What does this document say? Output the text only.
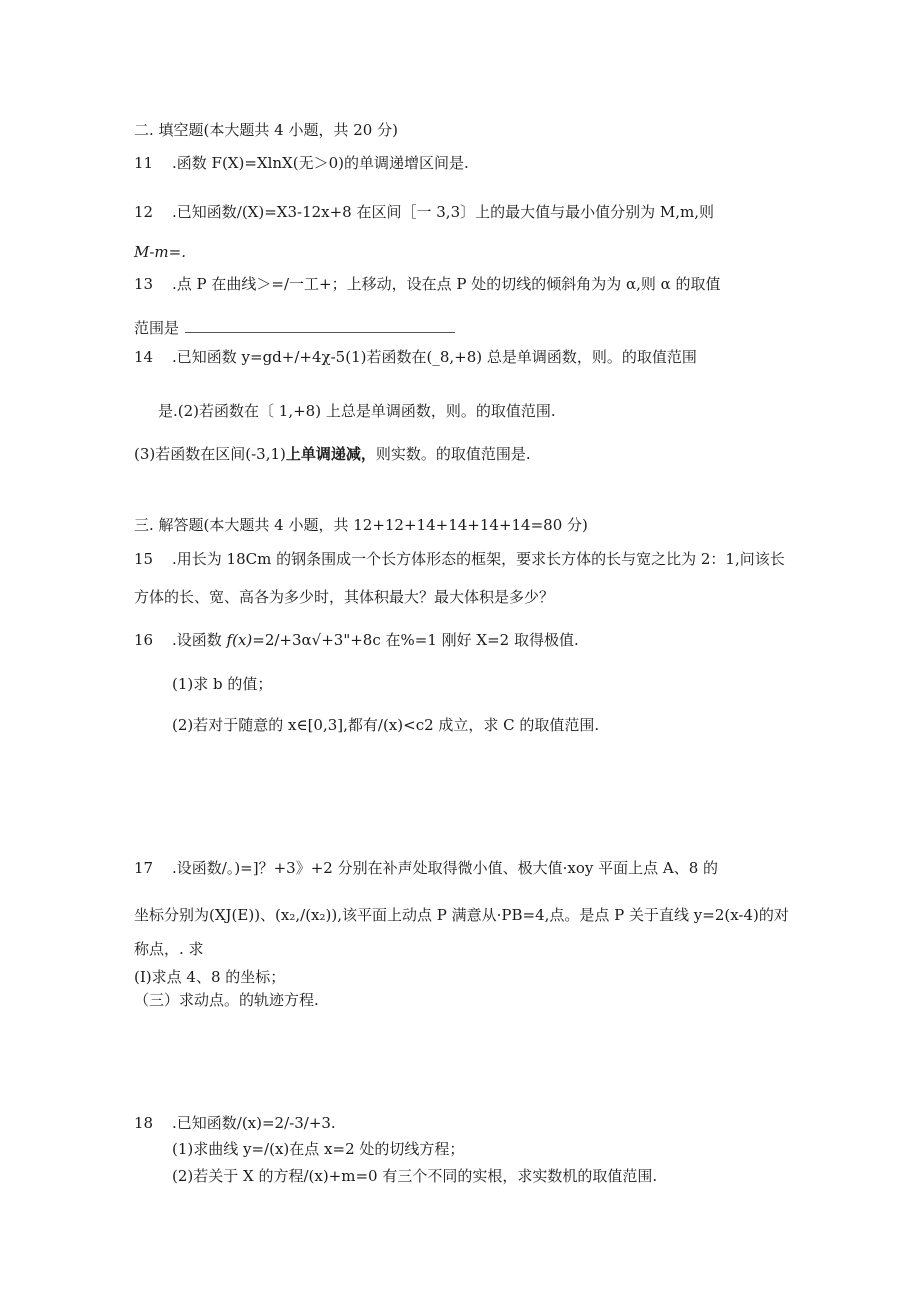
二. 填空题(本大题共 4 小题，共 20 分)
11 .函数 F(X)=XlnX(无＞0)的单调递增区间是.
12 .已知函数/(X)=X3-12x+8 在区间［一 3,3〕上的最大值与最小值分别为 M,m,则
M-m=.
13 .点 P 在曲线＞=/一工+；上移动，设在点 P 处的切线的倾斜角为为 α,则 α 的取值
范围是
14 .已知函数 y=gd+/+4χ-5(1)若函数在(_8,+8) 总是单调函数，则。的取值范围
是.(2)若函数在〔 1,+8) 上总是单调函数，则。的取值范围.
(3)若函数在区间(-3,1)上单调递减，则实数。的取值范围是.
三. 解答题(本大题共 4 小题，共 12+12+14+14+14+14=80 分)
15 .用长为 18Cm 的钢条围成一个长方体形态的框架，要求长方体的长与宽之比为 2：1,问该长
方体的长、宽、高各为多少时，其体积最大？最大体积是多少？
16 .设函数 f(x)=2/+3α√+3"+8c 在%=1 刚好 X=2 取得极值.
(1)求 b 的值；
(2)若对于随意的 x∈[0,3],都有/(x)<c2 成立，求 C 的取值范围.
17 .设函数/。)=]？+3》+2 分别在补声处取得微小值、极大值·xoy 平面上点 A、8 的
坐标分别为(XJ(E))、(x₂,/(x₂)),该平面上动点 P 满意从·PB=4,点。是点 P 关于直线 y=2(x-4)的对
称点，. 求
(I)求点 4、8 的坐标；
（三）求动点。的轨迹方程.
18 .已知函数/(x)=2/-3/+3.
(1)求曲线 y=/(x)在点 x=2 处的切线方程；
(2)若关于 X 的方程/(x)+m=0 有三个不同的实根，求实数机的取值范围.
